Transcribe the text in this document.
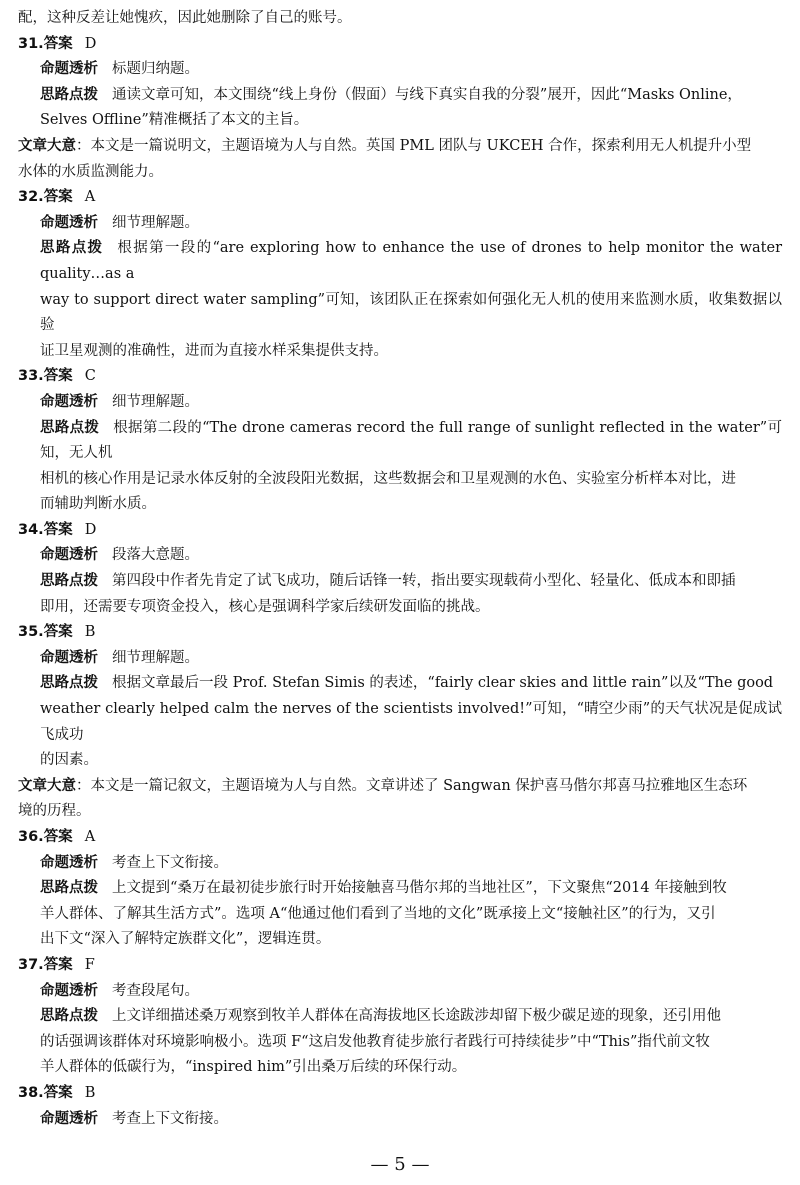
配，这种反差让她愧疚，因此她删除了自己的账号。

31.答案 D

命题透析 标题归纳题。

思路点拨 通读文章可知，本文围绕“线上身份（假面）与线下真实自我的分裂”展开，因此“Masks Online，

Selves Offline”精准概括了本文的主旨。

文章大意：本文是一篇说明文，主题语境为人与自然。英国 PML 团队与 UKCEH 合作，探索利用无人机提升小型

水体的水质监测能力。

32.答案 A

命题透析 细节理解题。

思路点拨 根据第一段的“are exploring how to enhance the use of drones to help monitor the water quality…as a

way to support direct water sampling”可知，该团队正在探索如何强化无人机的使用来监测水质，收集数据以验

证卫星观测的准确性，进而为直接水样采集提供支持。

33.答案 C

命题透析 细节理解题。

思路点拨 根据第二段的“The drone cameras record the full range of sunlight reflected in the water”可知，无人机

相机的核心作用是记录水体反射的全波段阳光数据，这些数据会和卫星观测的水色、实验室分析样本对比，进

而辅助判断水质。

34.答案 D

命题透析 段落大意题。

思路点拨 第四段中作者先肯定了试飞成功，随后话锋一转，指出要实现载荷小型化、轻量化、低成本和即插

即用，还需要专项资金投入，核心是强调科学家后续研发面临的挑战。

35.答案 B

命题透析 细节理解题。

思路点拨 根据文章最后一段 Prof. Stefan Simis 的表述，“fairly clear skies and little rain”以及“The good

weather clearly helped calm the nerves of the scientists involved!”可知，“晴空少雨”的天气状况是促成试飞成功

的因素。

文章大意：本文是一篇记叙文，主题语境为人与自然。文章讲述了 Sangwan 保护喜马偕尔邦喜马拉雅地区生态环

境的历程。

36.答案 A

命题透析 考查上下文衔接。

思路点拨 上文提到“桑万在最初徒步旅行时开始接触喜马偕尔邦的当地社区”，下文聚焦“2014 年接触到牧

羊人群体、了解其生活方式”。选项 A“他通过他们看到了当地的文化”既承接上文“接触社区”的行为，又引

出下文“深入了解特定族群文化”，逻辑连贯。

37.答案 F

命题透析 考查段尾句。

思路点拨 上文详细描述桑万观察到牧羊人群体在高海拔地区长途跋涉却留下极少碳足迹的现象，还引用他

的话强调该群体对环境影响极小。选项 F“这启发他教育徒步旅行者践行可持续徒步”中“This”指代前文牧

羊人群体的低碳行为，“inspired him”引出桑万后续的环保行动。

38.答案 B

命题透析 考查上下文衔接。

— 5 —
